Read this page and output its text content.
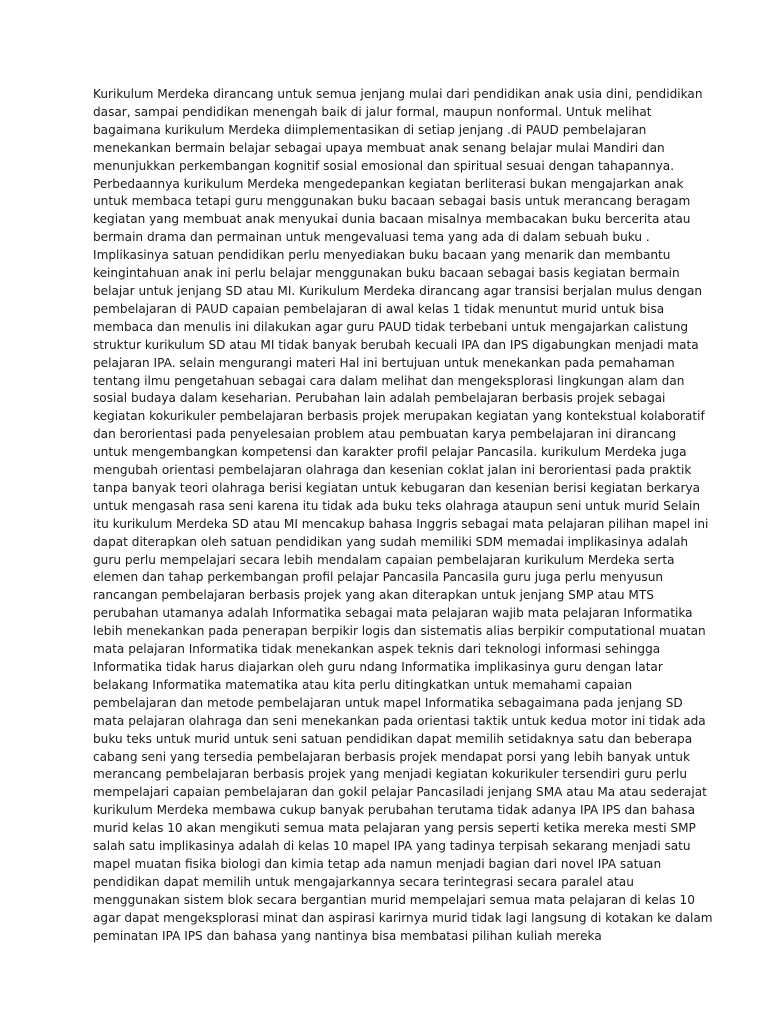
Kurikulum Merdeka dirancang untuk semua jenjang mulai dari pendidikan anak usia dini, pendidikan
dasar, sampai pendidikan menengah baik di jalur formal, maupun nonformal. Untuk melihat
bagaimana kurikulum Merdeka diimplementasikan di setiap jenjang .di PAUD pembelajaran
menekankan bermain belajar sebagai upaya membuat anak senang belajar mulai Mandiri dan
menunjukkan perkembangan kognitif sosial emosional dan spiritual sesuai dengan tahapannya.
Perbedaannya kurikulum Merdeka mengedepankan kegiatan berliterasi bukan mengajarkan anak
untuk membaca tetapi guru menggunakan buku bacaan sebagai basis untuk merancang beragam
kegiatan yang membuat anak menyukai dunia bacaan misalnya membacakan buku bercerita atau
bermain drama dan permainan untuk mengevaluasi tema yang ada di dalam sebuah buku .
Implikasinya satuan pendidikan perlu menyediakan buku bacaan yang menarik dan membantu
keingintahuan anak ini perlu belajar menggunakan buku bacaan sebagai basis kegiatan bermain
belajar untuk jenjang SD atau MI. Kurikulum Merdeka dirancang agar transisi berjalan mulus dengan
pembelajaran di PAUD capaian pembelajaran di awal kelas 1 tidak menuntut murid untuk bisa
membaca dan menulis ini dilakukan agar guru PAUD tidak terbebani untuk mengajarkan calistung
struktur kurikulum SD atau MI tidak banyak berubah kecuali IPA dan IPS digabungkan menjadi mata
pelajaran IPA. selain mengurangi materi Hal ini bertujuan untuk menekankan pada pemahaman
tentang ilmu pengetahuan sebagai cara dalam melihat dan mengeksplorasi lingkungan alam dan
sosial budaya dalam keseharian. Perubahan lain adalah pembelajaran berbasis projek sebagai
kegiatan kokurikuler pembelajaran berbasis projek merupakan kegiatan yang kontekstual kolaboratif
dan berorientasi pada penyelesaian problem atau pembuatan karya pembelajaran ini dirancang
untuk mengembangkan kompetensi dan karakter profil pelajar Pancasila. kurikulum Merdeka juga
mengubah orientasi pembelajaran olahraga dan kesenian coklat jalan ini berorientasi pada praktik
tanpa banyak teori olahraga berisi kegiatan untuk kebugaran dan kesenian berisi kegiatan berkarya
untuk mengasah rasa seni karena itu tidak ada buku teks olahraga ataupun seni untuk murid Selain
itu kurikulum Merdeka SD atau MI mencakup bahasa Inggris sebagai mata pelajaran pilihan mapel ini
dapat diterapkan oleh satuan pendidikan yang sudah memiliki SDM memadai implikasinya adalah
guru perlu mempelajari secara lebih mendalam capaian pembelajaran kurikulum Merdeka serta
elemen dan tahap perkembangan profil pelajar Pancasila Pancasila guru juga perlu menyusun
rancangan pembelajaran berbasis projek yang akan diterapkan untuk jenjang SMP atau MTS
perubahan utamanya adalah Informatika sebagai mata pelajaran wajib mata pelajaran Informatika
lebih menekankan pada penerapan berpikir logis dan sistematis alias berpikir computational muatan
mata pelajaran Informatika tidak menekankan aspek teknis dari teknologi informasi sehingga
Informatika tidak harus diajarkan oleh guru ndang Informatika implikasinya guru dengan latar
belakang Informatika matematika atau kita perlu ditingkatkan untuk memahami capaian
pembelajaran dan metode pembelajaran untuk mapel Informatika sebagaimana pada jenjang SD
mata pelajaran olahraga dan seni menekankan pada orientasi taktik untuk kedua motor ini tidak ada
buku teks untuk murid untuk seni satuan pendidikan dapat memilih setidaknya satu dan beberapa
cabang seni yang tersedia pembelajaran berbasis projek mendapat porsi yang lebih banyak untuk
merancang pembelajaran berbasis projek yang menjadi kegiatan kokurikuler tersendiri guru perlu
mempelajari capaian pembelajaran dan gokil pelajar Pancasiladi jenjang SMA atau Ma atau sederajat
kurikulum Merdeka membawa cukup banyak perubahan terutama tidak adanya IPA IPS dan bahasa
murid kelas 10 akan mengikuti semua mata pelajaran yang persis seperti ketika mereka mesti SMP
salah satu implikasinya adalah di kelas 10 mapel IPA yang tadinya terpisah sekarang menjadi satu
mapel muatan fisika biologi dan kimia tetap ada namun menjadi bagian dari novel IPA satuan
pendidikan dapat memilih untuk mengajarkannya secara terintegrasi secara paralel atau
menggunakan sistem blok secara bergantian murid mempelajari semua mata pelajaran di kelas 10
agar dapat mengeksplorasi minat dan aspirasi karirnya murid tidak lagi langsung di kotakan ke dalam
peminatan IPA IPS dan bahasa yang nantinya bisa membatasi pilihan kuliah mereka
